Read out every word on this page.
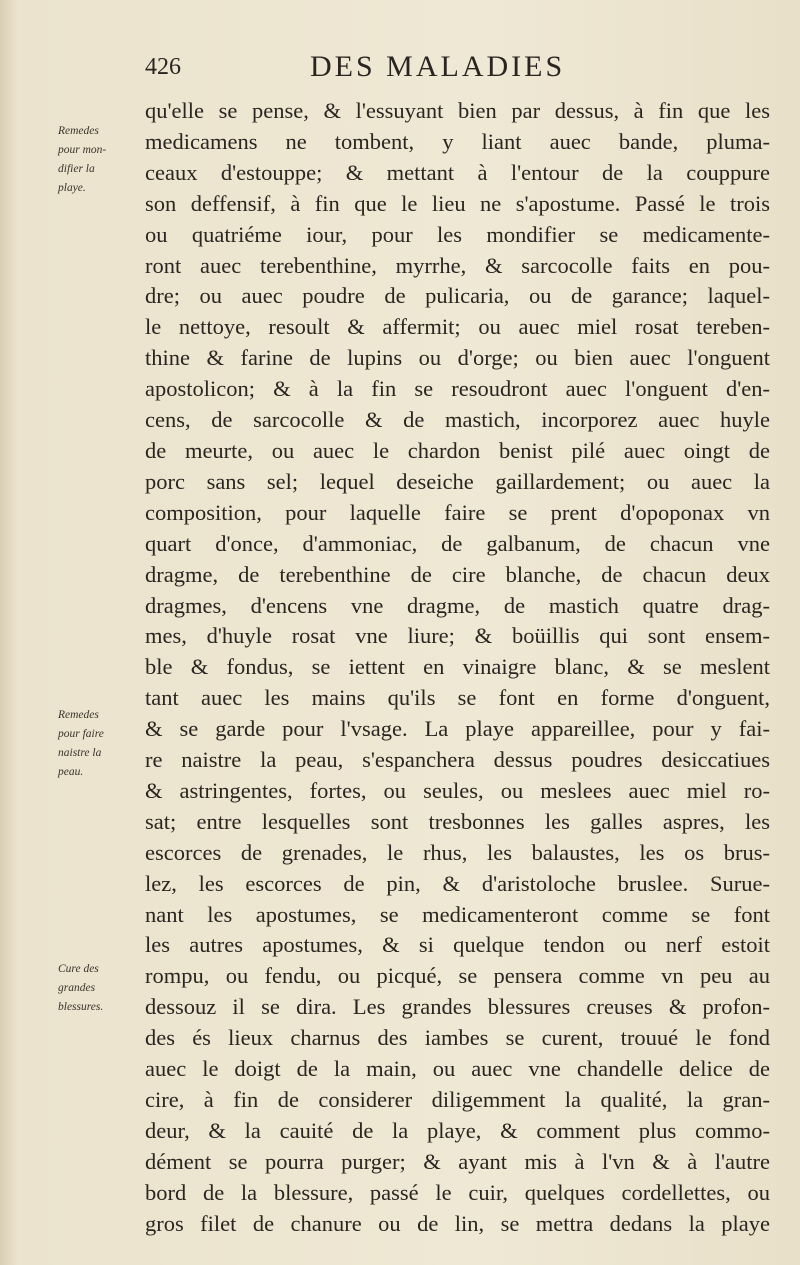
426	DES MALADIES
Remedes
pour mon-
difier la
playe.
Remedes
pour faire
naistre la
peau.
Cure des
grandes
blessures.
qu'elle se pense, & l'essuyant bien par dessus, à fin que les
medicamens ne tombent, y liant auec bande, pluma-
ceaux d'estouppe; & mettant à l'entour de la couppure
son deffensif, à fin que le lieu ne s'apostume. Passé le trois
ou quatriéme iour, pour les mondifier se medicamente-
ront auec terebenthine, myrrhe, & sarcocolle faits en pou-
dre; ou auec poudre de pulicaria, ou de garance; laquel-
le nettoye, resoult & affermit; ou auec miel rosat tereben-
thine & farine de lupins ou d'orge; ou bien auec l'onguent
apostolicon; & à la fin se resoudront auec l'onguent d'en-
cens, de sarcocolle & de mastich, incorporez auec huyle
de meurte, ou auec le chardon benist pilé auec oingt de
porc sans sel; lequel deseiche gaillardement; ou auec la
composition, pour laquelle faire se prent d'opoponax vn
quart d'once, d'ammoniac, de galbanum, de chacun vne
dragme, de terebenthine de cire blanche, de chacun deux
dragmes, d'encens vne dragme, de mastich quatre drag-
mes, d'huyle rosat vne liure; & boüillis qui sont ensem-
ble & fondus, se iettent en vinaigre blanc, & se meslent
tant auec les mains qu'ils se font en forme d'onguent,
& se garde pour l'vsage. La playe appareillee, pour y fai-
re naistre la peau, s'espanchera dessus poudres desiccatiues
& astringentes, fortes, ou seules, ou meslees auec miel ro-
sat; entre lesquelles sont tresbonnes les galles aspres, les
escorces de grenades, le rhus, les balaustes, les os brus-
lez, les escorces de pin, & d'aristoloche bruslee. Surue-
nant les apostumes, se medicamenteront comme se font
les autres apostumes, & si quelque tendon ou nerf estoit
rompu, ou fendu, ou picqué, se pensera comme vn peu au
dessouz il se dira. Les grandes blessures creuses & profon-
des és lieux charnus des iambes se curent, trouué le fond
auec le doigt de la main, ou auec vne chandelle delice de
cire, à fin de considerer diligemment la qualité, la gran-
deur, & la cauité de la playe, & comment plus commo-
dément se pourra purger; & ayant mis à l'vn & à l'autre
bord de la blessure, passé le cuir, quelques cordellettes, ou
gros filet de chanure ou de lin, se mettra dedans la playe
